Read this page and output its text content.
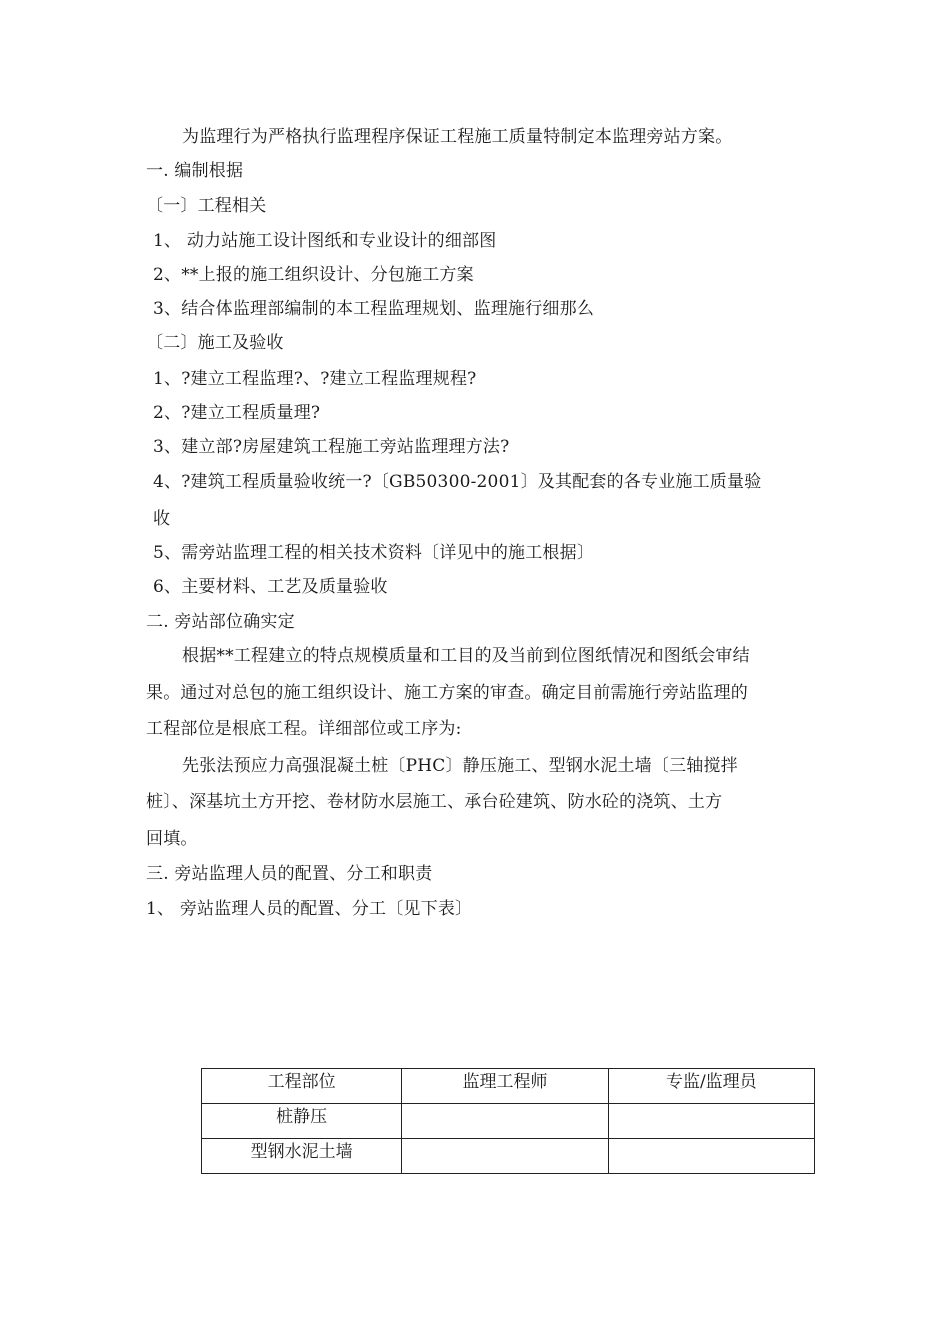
为监理行为严格执行监理程序保证工程施工质量特制定本监理旁站方案。
一. 编制根据
〔一〕工程相关
1、 动力站施工设计图纸和专业设计的细部图
2、**上报的施工组织设计、分包施工方案
3、结合体监理部编制的本工程监理规划、监理施行细那么
〔二〕施工及验收
1、?建立工程监理?、?建立工程监理规程?
2、?建立工程质量理?
3、建立部?房屋建筑工程施工旁站监理理方法?
4、?建筑工程质量验收统一?〔GB50300-2001〕及其配套的各专业施工质量验
收
5、需旁站监理工程的相关技术资料〔详见中的施工根据〕
6、主要材料、工艺及质量验收
二. 旁站部位确实定
根据**工程建立的特点规模质量和工目的及当前到位图纸情况和图纸会审结
果。通过对总包的施工组织设计、施工方案的审查。确定目前需施行旁站监理的
工程部位是根底工程。详细部位或工序为:
先张法预应力高强混凝土桩〔PHC〕静压施工、型钢水泥土墙〔三轴搅拌
桩〕、深基坑土方开挖、卷材防水层施工、承台砼建筑、防水砼的浇筑、土方
回填。
三. 旁站监理人员的配置、分工和职责
1、 旁站监理人员的配置、分工〔见下表〕
工程部位	监理工程师	专监/监理员
桩静压		
型钢水泥土墙		
